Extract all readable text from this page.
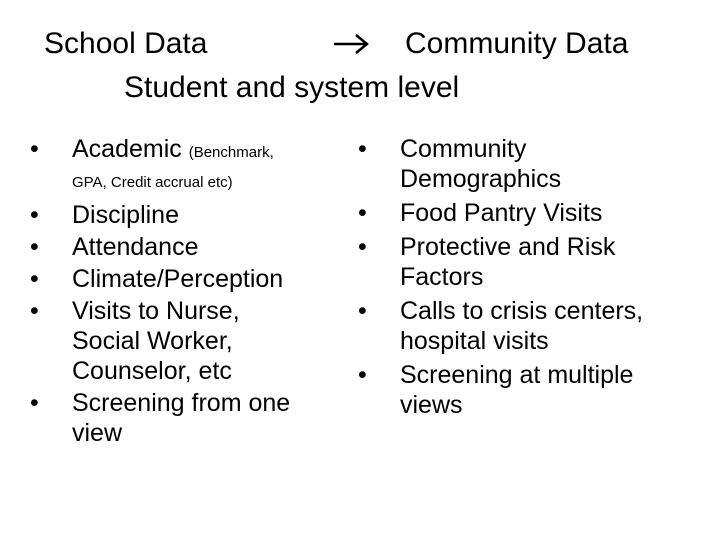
School Data	Community Data
Student and system level
•	Academic (Benchmark,
GPA, Credit accrual etc)
•	Discipline
•	Attendance
•	Climate/Perception
•	Visits to Nurse, Social Worker, Counselor, etc
•	Screening from one view
•	Community Demographics
•	Food Pantry Visits
•	Protective and Risk Factors
•	Calls to crisis centers, hospital visits
•	Screening at multiple views
